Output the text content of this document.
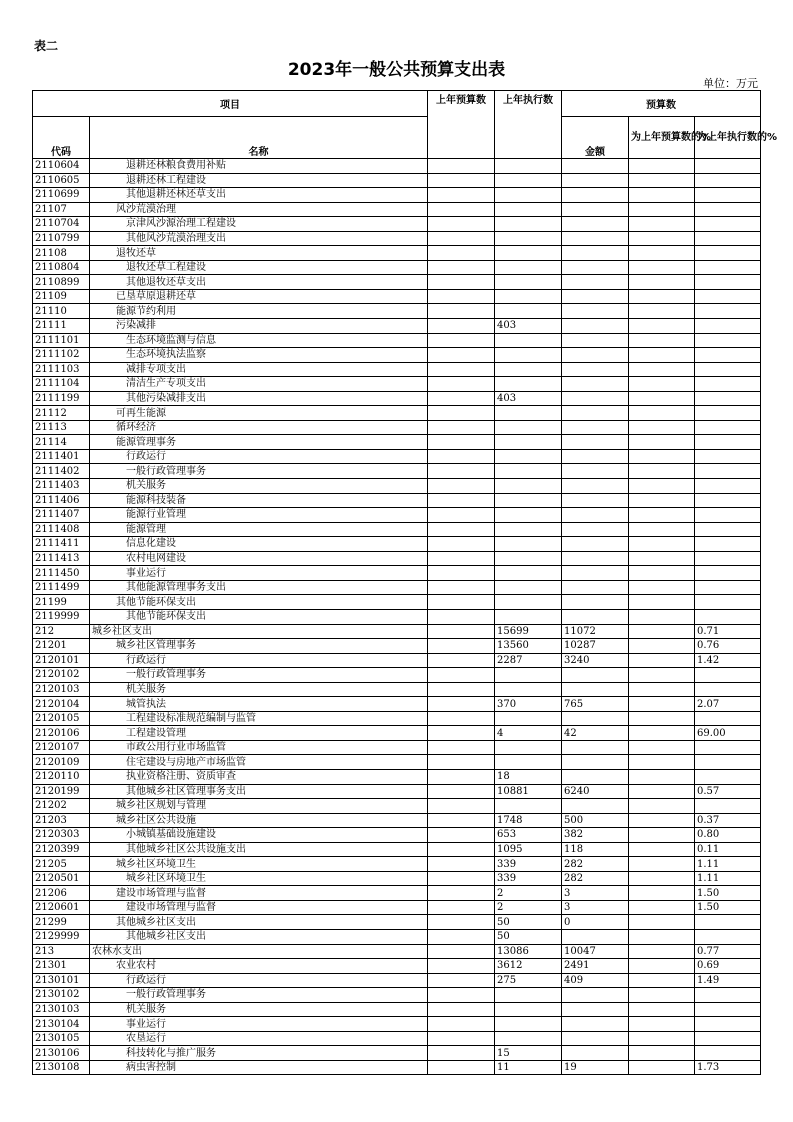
表二
2023年一般公共预算支出表
单位：万元
项目		上年预算数	上年执行数	预算数		
代码	名称			金额	为上年预算数的%	为上年执行数的%
2110604	退耕还林粮食费用补贴					
2110605	退耕还林工程建设					
2110699	其他退耕还林还草支出					
21107	风沙荒漠治理					
2110704	京津风沙源治理工程建设					
2110799	其他风沙荒漠治理支出					
21108	退牧还草					
2110804	退牧还草工程建设					
2110899	其他退牧还草支出					
21109	已垦草原退耕还草					
21110	能源节约利用					
21111	污染减排		403			
2111101	生态环境监测与信息					
2111102	生态环境执法监察					
2111103	减排专项支出					
2111104	清洁生产专项支出					
2111199	其他污染减排支出		403			
21112	可再生能源					
21113	循环经济					
21114	能源管理事务					
2111401	行政运行					
2111402	一般行政管理事务					
2111403	机关服务					
2111406	能源科技装备					
2111407	能源行业管理					
2111408	能源管理					
2111411	信息化建设					
2111413	农村电网建设					
2111450	事业运行					
2111499	其他能源管理事务支出					
21199	其他节能环保支出					
2119999	其他节能环保支出					
212	城乡社区支出		15699	11072		0.71
21201	城乡社区管理事务		13560	10287		0.76
2120101	行政运行		2287	3240		1.42
2120102	一般行政管理事务					
2120103	机关服务					
2120104	城管执法		370	765		2.07
2120105	工程建设标准规范编制与监管					
2120106	工程建设管理		4	42		69.00
2120107	市政公用行业市场监管					
2120109	住宅建设与房地产市场监管					
2120110	执业资格注册、资质审查		18			
2120199	其他城乡社区管理事务支出		10881	6240		0.57
21202	城乡社区规划与管理					
21203	城乡社区公共设施		1748	500		0.37
2120303	小城镇基础设施建设		653	382		0.80
2120399	其他城乡社区公共设施支出		1095	118		0.11
21205	城乡社区环境卫生		339	282		1.11
2120501	城乡社区环境卫生		339	282		1.11
21206	建设市场管理与监督		2	3		1.50
2120601	建设市场管理与监督		2	3		1.50
21299	其他城乡社区支出		50	0		
2129999	其他城乡社区支出		50			
213	农林水支出		13086	10047		0.77
21301	农业农村		3612	2491		0.69
2130101	行政运行		275	409		1.49
2130102	一般行政管理事务					
2130103	机关服务					
2130104	事业运行					
2130105	农垦运行					
2130106	科技转化与推广服务		15			
2130108	病虫害控制		11	19		1.73
